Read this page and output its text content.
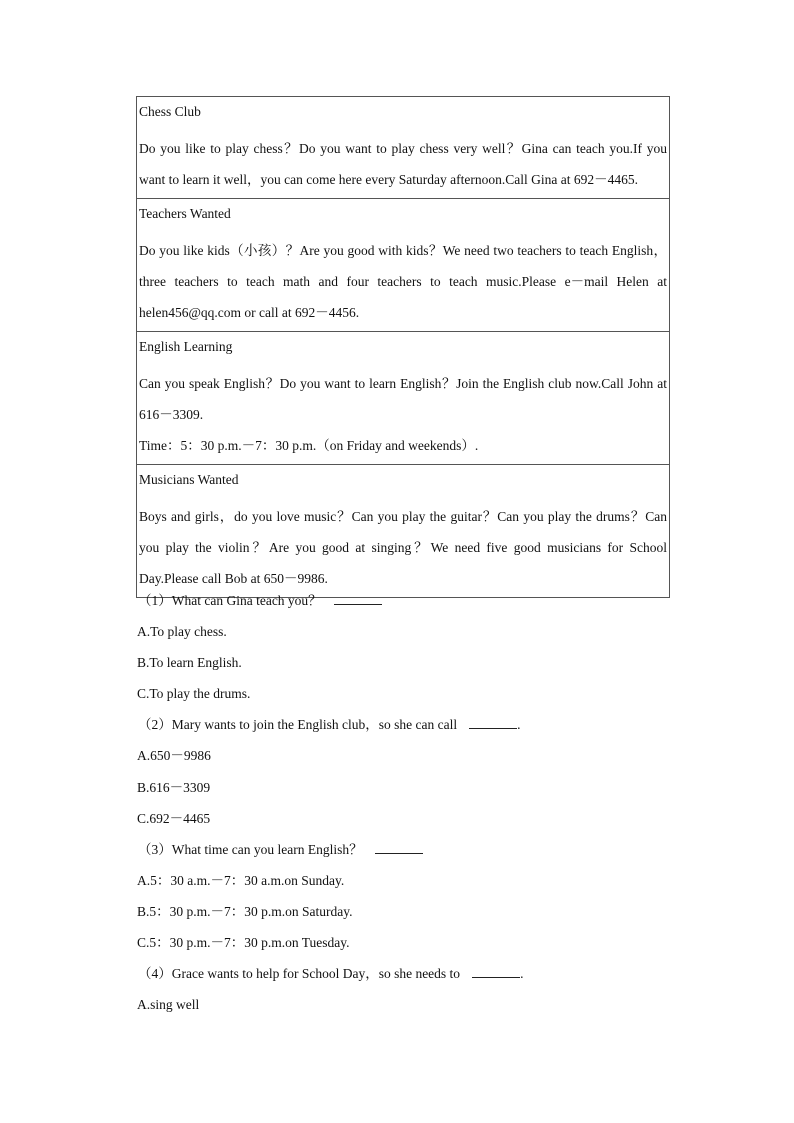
Chess Club
Do you like to play chess？Do you want to play chess very well？Gina can teach you.If you want to learn it well，you can come here every Saturday afternoon.Call Gina at 692－4465.
Teachers Wanted
Do you like kids（小孩）？Are you good with kids？We need two teachers to teach English，three teachers to teach math and four teachers to teach music.Please e－mail Helen at helen456@qq.com or call at 692－4456.
English Learning
Can you speak English？Do you want to learn English？Join the English club now.Call John at 616－3309.
Time：5：30 p.m.－7：30 p.m.（on Friday and weekends）.
Musicians Wanted
Boys and girls，do you love music？Can you play the guitar？Can you play the drums？Can you play the violin？Are you good at singing？We need five good musicians for School Day.Please call Bob at 650－9986.
（1）What can Gina teach you？
A.To play chess.
B.To learn English.
C.To play the drums.
（2）Mary wants to join the English club，so she can call	.
A.650－9986
B.616－3309
C.692－4465
（3）What time can you learn English？
A.5：30 a.m.－7：30 a.m.on Sunday.
B.5：30 p.m.－7：30 p.m.on Saturday.
C.5：30 p.m.－7：30 p.m.on Tuesday.
（4）Grace wants to help for School Day，so she needs to	.
A.sing well
